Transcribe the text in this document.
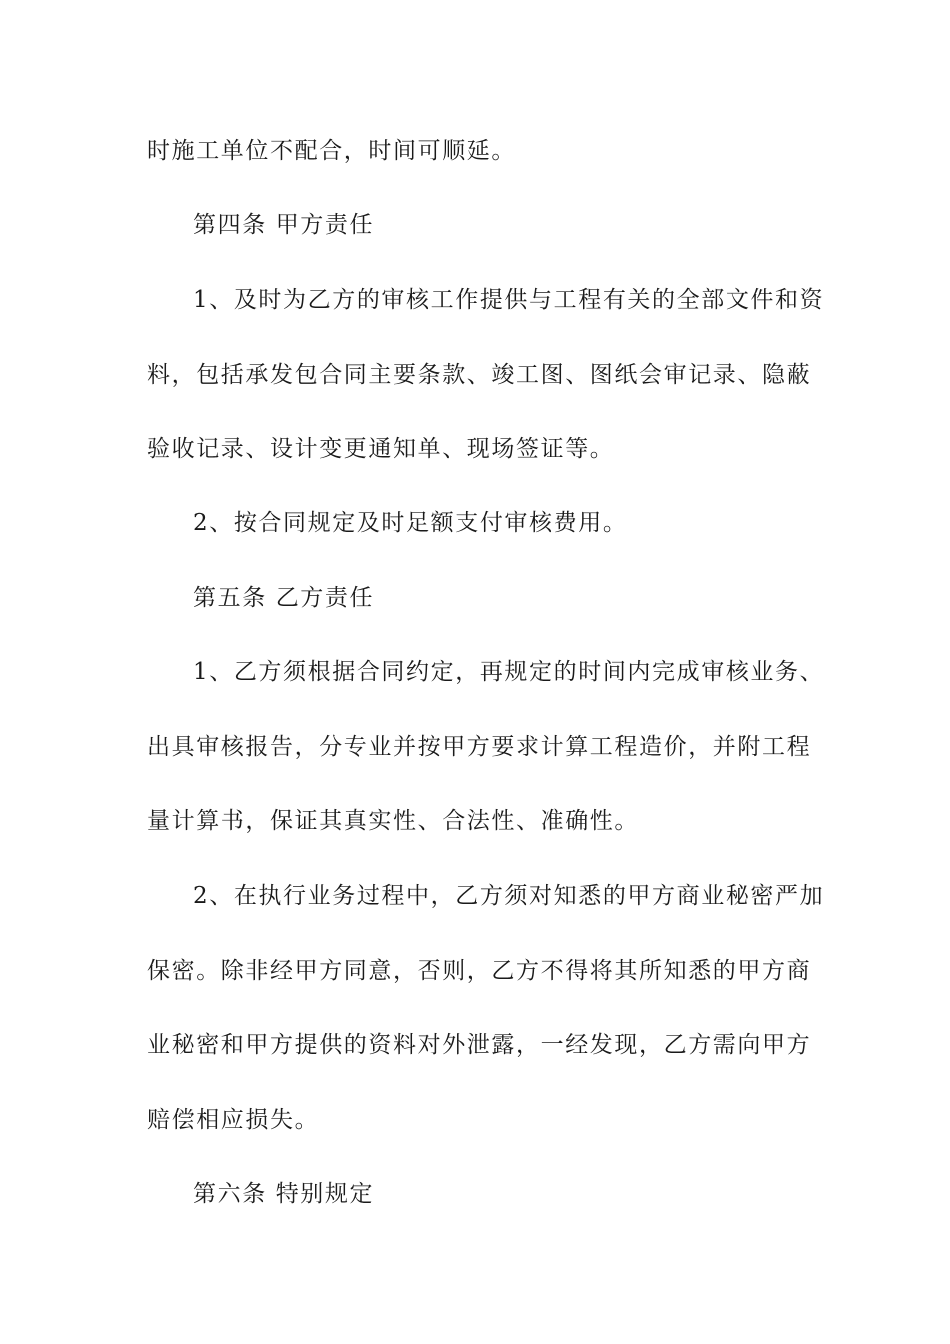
时施工单位不配合，时间可顺延。
第四条 甲方责任
1、及时为乙方的审核工作提供与工程有关的全部文件和资
料，包括承发包合同主要条款、竣工图、图纸会审记录、隐蔽
验收记录、设计变更通知单、现场签证等。
2、按合同规定及时足额支付审核费用。
第五条 乙方责任
1、乙方须根据合同约定，再规定的时间内完成审核业务、
出具审核报告，分专业并按甲方要求计算工程造价，并附工程
量计算书，保证其真实性、合法性、准确性。
2、在执行业务过程中，乙方须对知悉的甲方商业秘密严加
保密。除非经甲方同意，否则，乙方不得将其所知悉的甲方商
业秘密和甲方提供的资料对外泄露，一经发现，乙方需向甲方
赔偿相应损失。
第六条 特别规定
